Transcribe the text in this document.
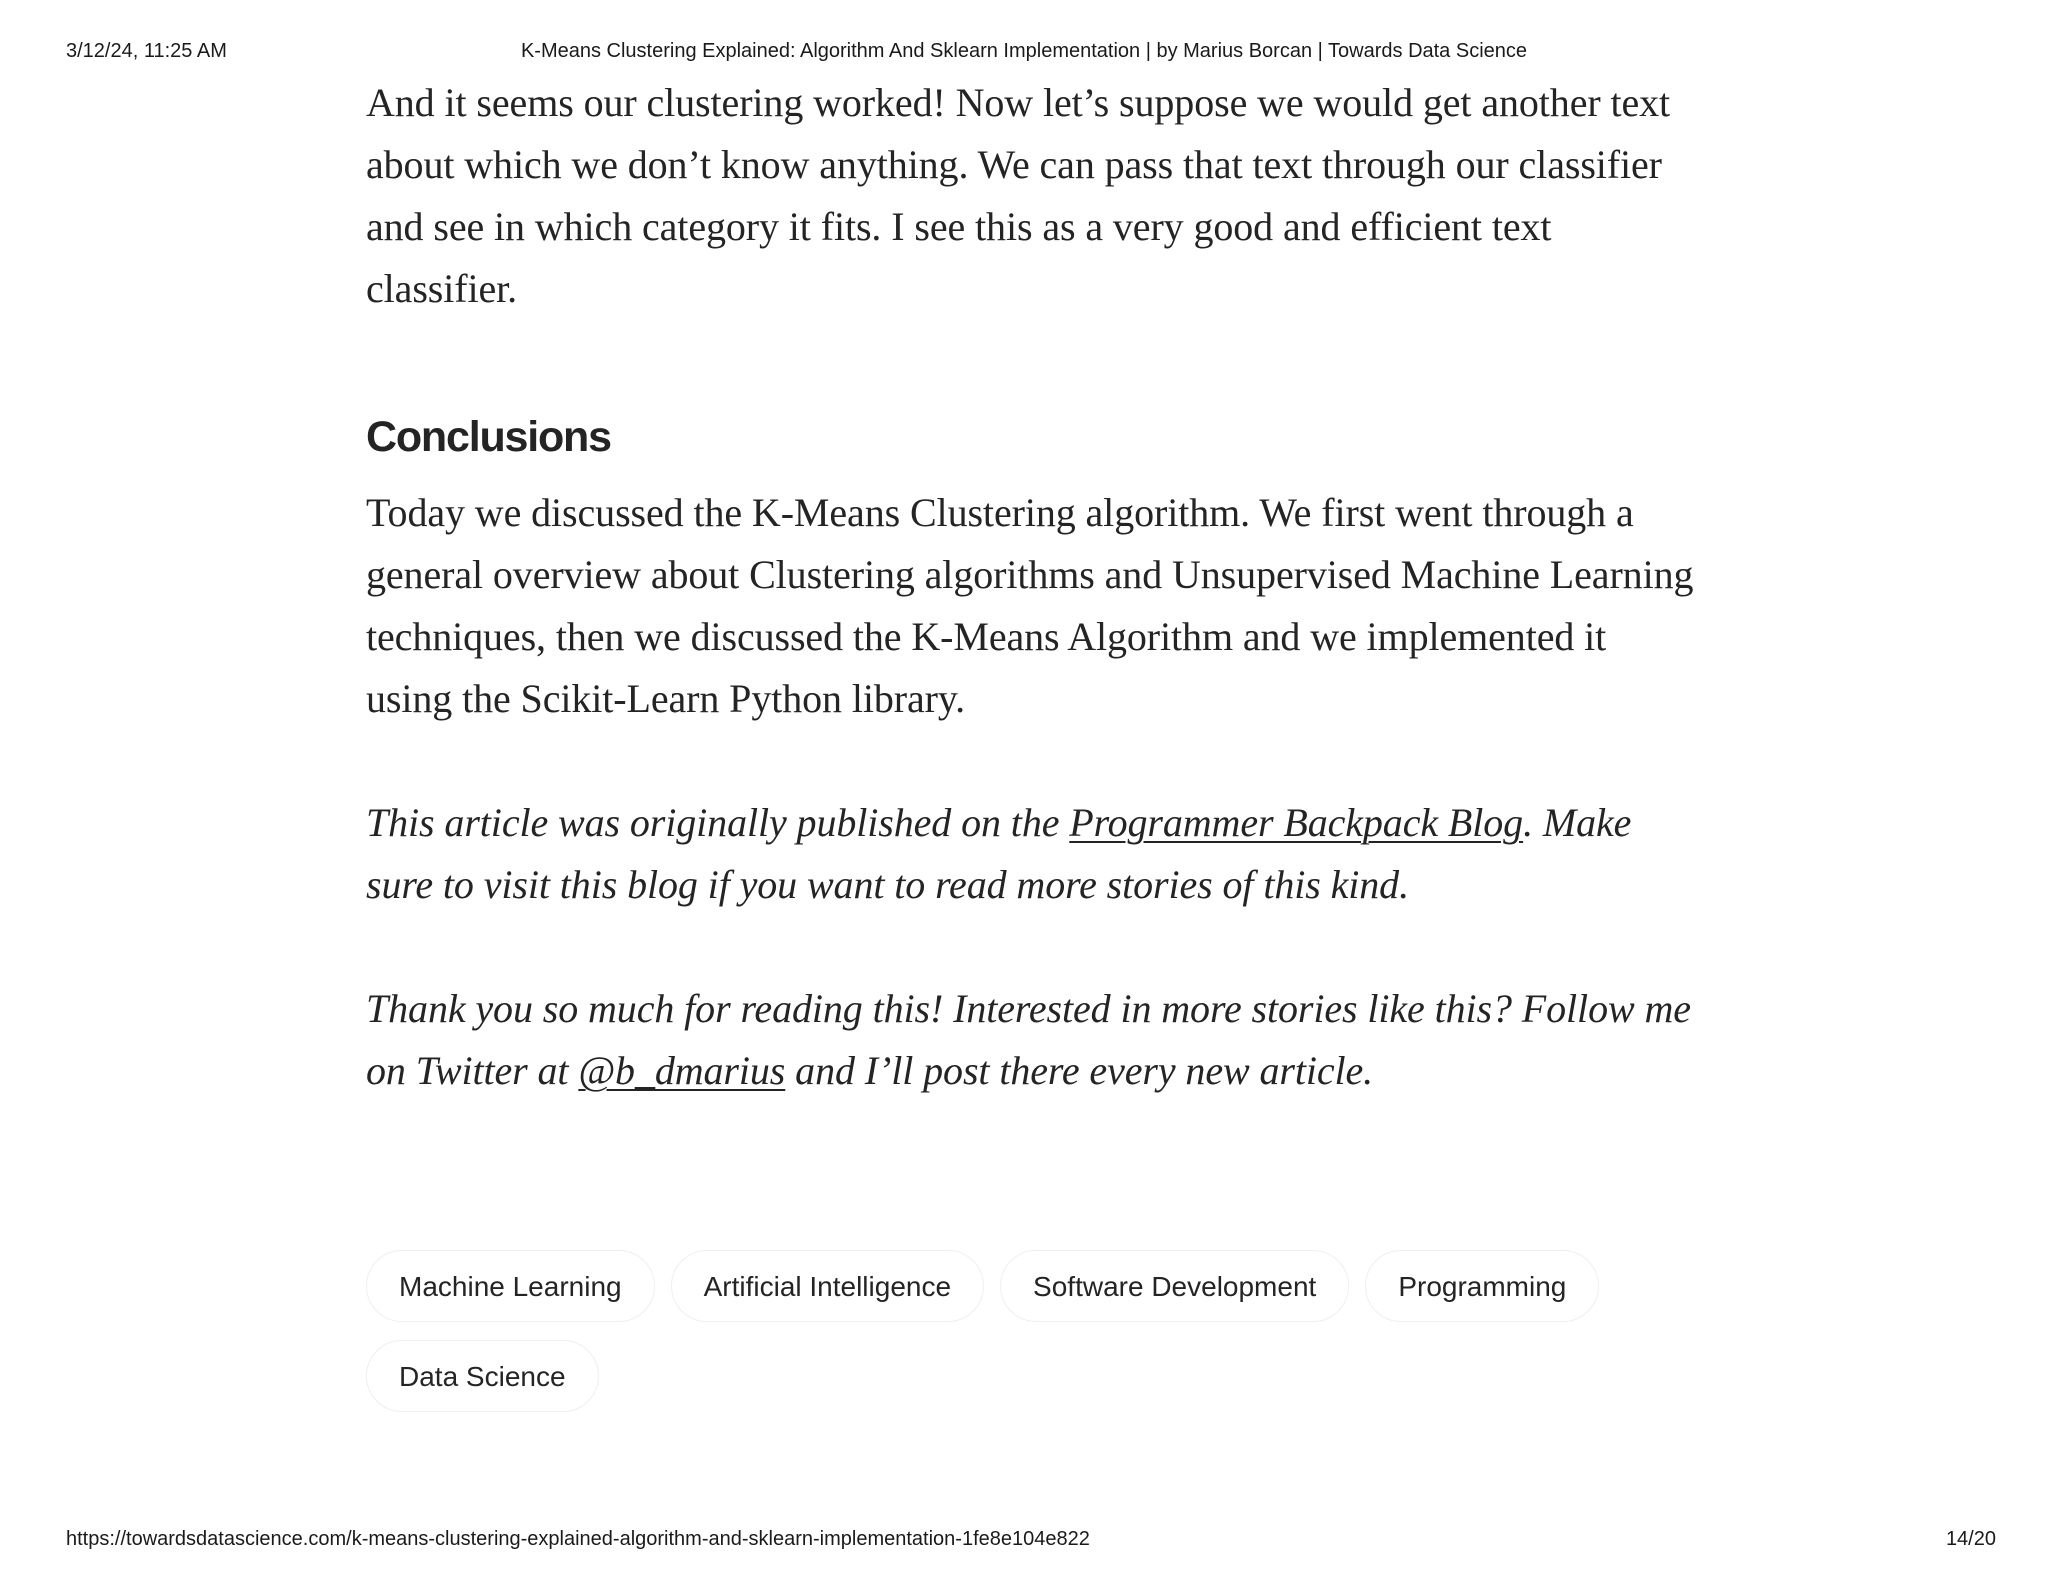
3/12/24, 11:25 AM	K-Means Clustering Explained: Algorithm And Sklearn Implementation | by Marius Borcan | Towards Data Science

And it seems our clustering worked! Now let’s suppose we would get another text about which we don’t know anything. We can pass that text through our classifier and see in which category it fits. I see this as a very good and efficient text classifier.

Conclusions

Today we discussed the K-Means Clustering algorithm. We first went through a general overview about Clustering algorithms and Unsupervised Machine Learning techniques, then we discussed the K-Means Algorithm and we implemented it using the Scikit-Learn Python library.

This article was originally published on the Programmer Backpack Blog. Make sure to visit this blog if you want to read more stories of this kind.

Thank you so much for reading this! Interested in more stories like this? Follow me on Twitter at @b_dmarius and I’ll post there every new article.

Machine Learning	Artificial Intelligence	Software Development	Programming
Data Science
https://towardsdatascience.com/k-means-clustering-explained-algorithm-and-sklearn-implementation-1fe8e104e822	14/20
